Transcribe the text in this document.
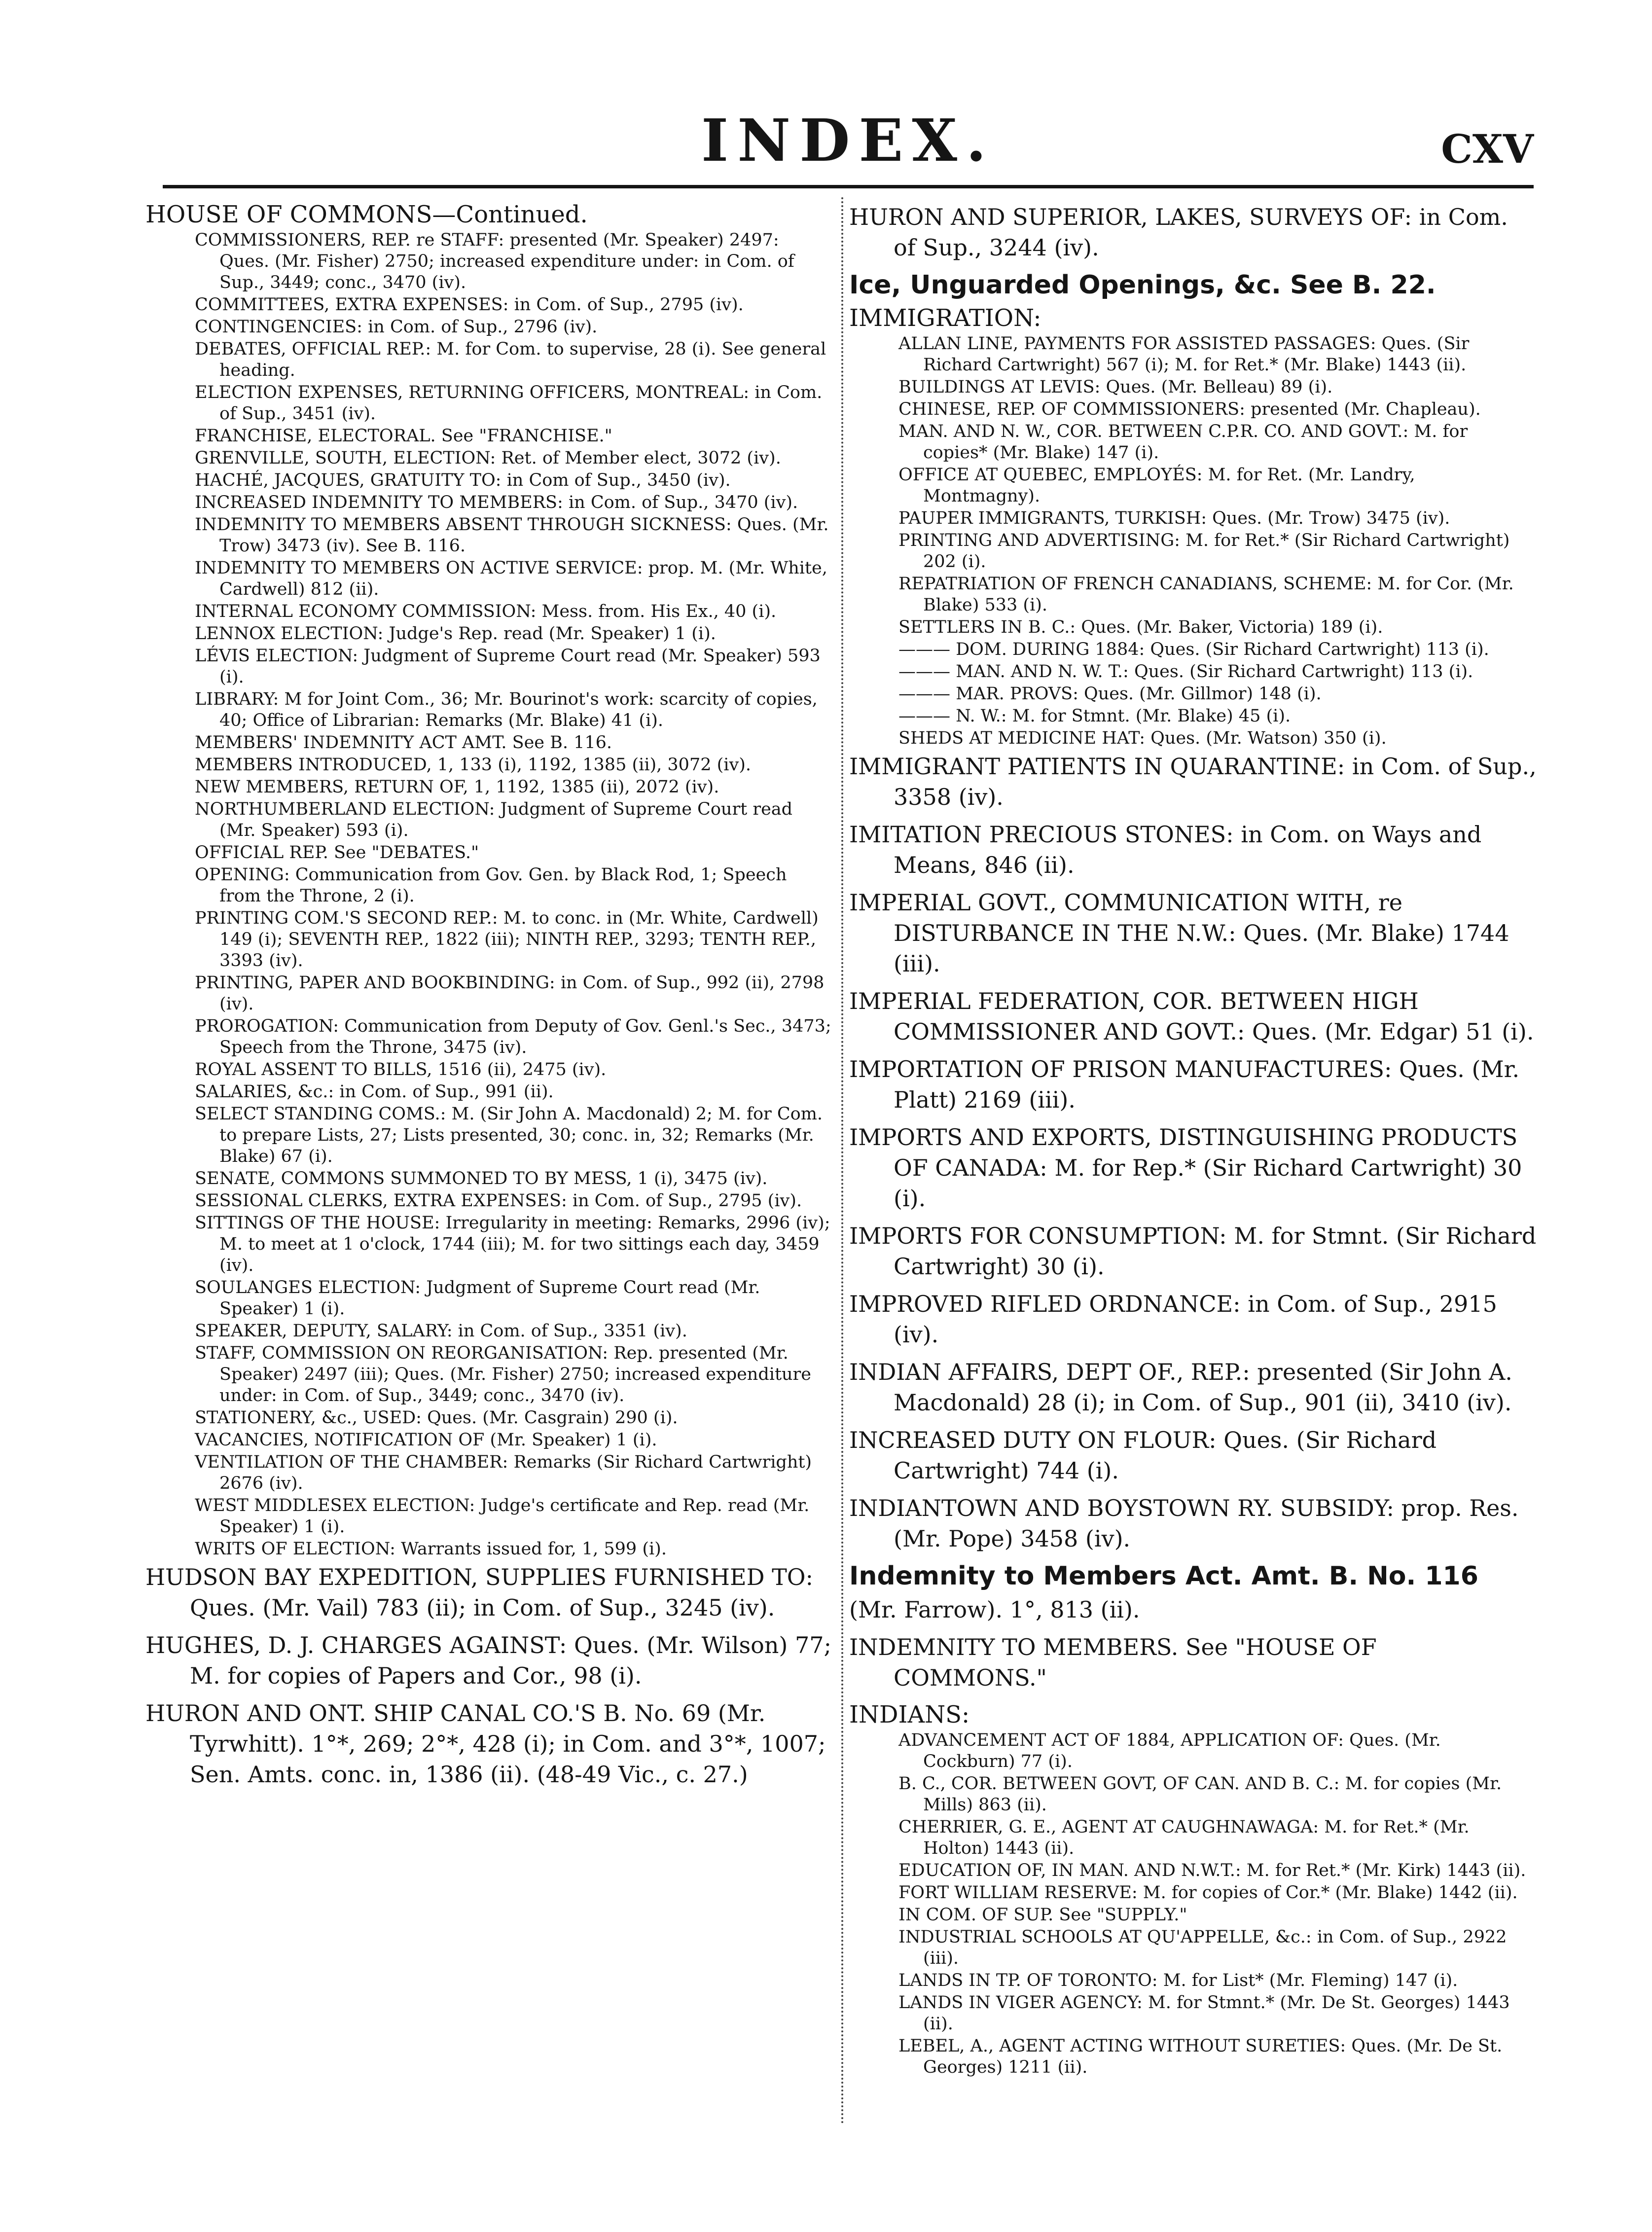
INDEX.	CXV

HOUSE OF COMMONS—Continued.

COMMISSIONERS, REP. re STAFF: presented (Mr. Speaker) 2497: Ques. (Mr. Fisher) 2750; increased expenditure under: in Com. of Sup., 3449; conc., 3470 (iv).

COMMITTEES, EXTRA EXPENSES: in Com. of Sup., 2795 (iv).

CONTINGENCIES: in Com. of Sup., 2796 (iv).

DEBATES, OFFICIAL REP.: M. for Com. to supervise, 28 (i). See general heading.

ELECTION EXPENSES, RETURNING OFFICERS, MONTREAL: in Com. of Sup., 3451 (iv).

FRANCHISE, ELECTORAL. See "FRANCHISE."

GRENVILLE, SOUTH, ELECTION: Ret. of Member elect, 3072 (iv).

HACHÉ, JACQUES, GRATUITY TO: in Com of Sup., 3450 (iv).

INCREASED INDEMNITY TO MEMBERS: in Com. of Sup., 3470 (iv).

INDEMNITY TO MEMBERS ABSENT THROUGH SICKNESS: Ques. (Mr. Trow) 3473 (iv). See B. 116.

INDEMNITY TO MEMBERS ON ACTIVE SERVICE: prop. M. (Mr. White, Cardwell) 812 (ii).

INTERNAL ECONOMY COMMISSION: Mess. from. His Ex., 40 (i).

LENNOX ELECTION: Judge's Rep. read (Mr. Speaker) 1 (i).

LÉVIS ELECTION: Judgment of Supreme Court read (Mr. Speaker) 593 (i).

LIBRARY: M for Joint Com., 36; Mr. Bourinot's work: scarcity of copies, 40; Office of Librarian: Remarks (Mr. Blake) 41 (i).

MEMBERS' INDEMNITY ACT AMT. See B. 116.

MEMBERS INTRODUCED, 1, 133 (i), 1192, 1385 (ii), 3072 (iv).

NEW MEMBERS, RETURN OF, 1, 1192, 1385 (ii), 2072 (iv).

NORTHUMBERLAND ELECTION: Judgment of Supreme Court read (Mr. Speaker) 593 (i).

OFFICIAL REP. See "DEBATES."

OPENING: Communication from Gov. Gen. by Black Rod, 1; Speech from the Throne, 2 (i).

PRINTING COM.'S SECOND REP.: M. to conc. in (Mr. White, Cardwell) 149 (i); SEVENTH REP., 1822 (iii); NINTH REP., 3293; TENTH REP., 3393 (iv).

PRINTING, PAPER AND BOOKBINDING: in Com. of Sup., 992 (ii), 2798 (iv).

PROROGATION: Communication from Deputy of Gov. Genl.'s Sec., 3473; Speech from the Throne, 3475 (iv).

ROYAL ASSENT TO BILLS, 1516 (ii), 2475 (iv).

SALARIES, &c.: in Com. of Sup., 991 (ii).

SELECT STANDING COMS.: M. (Sir John A. Macdonald) 2; M. for Com. to prepare Lists, 27; Lists presented, 30; conc. in, 32; Remarks (Mr. Blake) 67 (i).

SENATE, COMMONS SUMMONED TO BY MESS, 1 (i), 3475 (iv).

SESSIONAL CLERKS, EXTRA EXPENSES: in Com. of Sup., 2795 (iv).

SITTINGS OF THE HOUSE: Irregularity in meeting: Remarks, 2996 (iv); M. to meet at 1 o'clock, 1744 (iii); M. for two sittings each day, 3459 (iv).

SOULANGES ELECTION: Judgment of Supreme Court read (Mr. Speaker) 1 (i).

SPEAKER, DEPUTY, SALARY: in Com. of Sup., 3351 (iv).

STAFF, COMMISSION ON REORGANISATION: Rep. presented (Mr. Speaker) 2497 (iii); Ques. (Mr. Fisher) 2750; increased expenditure under: in Com. of Sup., 3449; conc., 3470 (iv).

STATIONERY, &c., USED: Ques. (Mr. Casgrain) 290 (i).

VACANCIES, NOTIFICATION OF (Mr. Speaker) 1 (i).

VENTILATION OF THE CHAMBER: Remarks (Sir Richard Cartwright) 2676 (iv).

WEST MIDDLESEX ELECTION: Judge's certificate and Rep. read (Mr. Speaker) 1 (i).

WRITS OF ELECTION: Warrants issued for, 1, 599 (i).

HUDSON BAY EXPEDITION, SUPPLIES FURNISHED TO: Ques. (Mr. Vail) 783 (ii); in Com. of Sup., 3245 (iv).

HUGHES, D. J. CHARGES AGAINST: Ques. (Mr. Wilson) 77; M. for copies of Papers and Cor., 98 (i).

HURON AND ONT. SHIP CANAL CO.'S B. No. 69 (Mr. Tyrwhitt). 1°*, 269; 2°*, 428 (i); in Com. and 3°*, 1007; Sen. Amts. conc. in, 1386 (ii). (48-49 Vic., c. 27.)

HURON AND SUPERIOR, LAKES, SURVEYS OF: in Com. of Sup., 3244 (iv).

Ice, Unguarded Openings, &c. See B. 22.

IMMIGRATION:

ALLAN LINE, PAYMENTS FOR ASSISTED PASSAGES: Ques. (Sir Richard Cartwright) 567 (i); M. for Ret.* (Mr. Blake) 1443 (ii).

BUILDINGS AT LEVIS: Ques. (Mr. Belleau) 89 (i).

CHINESE, REP. OF COMMISSIONERS: presented (Mr. Chapleau).

MAN. AND N. W., COR. BETWEEN C.P.R. CO. AND GOVT.: M. for copies* (Mr. Blake) 147 (i).

OFFICE AT QUEBEC, EMPLOYÉS: M. for Ret. (Mr. Landry, Montmagny).

PAUPER IMMIGRANTS, TURKISH: Ques. (Mr. Trow) 3475 (iv).

PRINTING AND ADVERTISING: M. for Ret.* (Sir Richard Cartwright) 202 (i).

REPATRIATION OF FRENCH CANADIANS, SCHEME: M. for Cor. (Mr. Blake) 533 (i).

SETTLERS IN B. C.: Ques. (Mr. Baker, Victoria) 189 (i).

——— DOM. DURING 1884: Ques. (Sir Richard Cartwright) 113 (i).

——— MAN. AND N. W. T.: Ques. (Sir Richard Cartwright) 113 (i).

——— MAR. PROVS: Ques. (Mr. Gillmor) 148 (i).

——— N. W.: M. for Stmnt. (Mr. Blake) 45 (i).

SHEDS AT MEDICINE HAT: Ques. (Mr. Watson) 350 (i).

IMMIGRANT PATIENTS IN QUARANTINE: in Com. of Sup., 3358 (iv).

IMITATION PRECIOUS STONES: in Com. on Ways and Means, 846 (ii).

IMPERIAL GOVT., COMMUNICATION WITH, re DISTURBANCE IN THE N.W.: Ques. (Mr. Blake) 1744 (iii).

IMPERIAL FEDERATION, COR. BETWEEN HIGH COMMISSIONER AND GOVT.: Ques. (Mr. Edgar) 51 (i).

IMPORTATION OF PRISON MANUFACTURES: Ques. (Mr. Platt) 2169 (iii).

IMPORTS AND EXPORTS, DISTINGUISHING PRODUCTS OF CANADA: M. for Rep.* (Sir Richard Cartwright) 30 (i).

IMPORTS FOR CONSUMPTION: M. for Stmnt. (Sir Richard Cartwright) 30 (i).

IMPROVED RIFLED ORDNANCE: in Com. of Sup., 2915 (iv).

INDIAN AFFAIRS, DEPT OF., REP.: presented (Sir John A. Macdonald) 28 (i); in Com. of Sup., 901 (ii), 3410 (iv).

INCREASED DUTY ON FLOUR: Ques. (Sir Richard Cartwright) 744 (i).

INDIANTOWN AND BOYSTOWN RY. SUBSIDY: prop. Res. (Mr. Pope) 3458 (iv).

Indemnity to Members Act. Amt. B. No. 116

(Mr. Farrow). 1°, 813 (ii).

INDEMNITY TO MEMBERS. See "HOUSE OF COMMONS."

INDIANS:

ADVANCEMENT ACT OF 1884, APPLICATION OF: Ques. (Mr. Cockburn) 77 (i).

B. C., COR. BETWEEN GOVT, OF CAN. AND B. C.: M. for copies (Mr. Mills) 863 (ii).

CHERRIER, G. E., AGENT AT CAUGHNAWAGA: M. for Ret.* (Mr. Holton) 1443 (ii).

EDUCATION OF, IN MAN. AND N.W.T.: M. for Ret.* (Mr. Kirk) 1443 (ii).

FORT WILLIAM RESERVE: M. for copies of Cor.* (Mr. Blake) 1442 (ii).

IN COM. OF SUP. See "SUPPLY."

INDUSTRIAL SCHOOLS AT QU'APPELLE, &c.: in Com. of Sup., 2922 (iii).

LANDS IN TP. OF TORONTO: M. for List* (Mr. Fleming) 147 (i).

LANDS IN VIGER AGENCY: M. for Stmnt.* (Mr. De St. Georges) 1443 (ii).

LEBEL, A., AGENT ACTING WITHOUT SURETIES: Ques. (Mr. De St. Georges) 1211 (ii).
